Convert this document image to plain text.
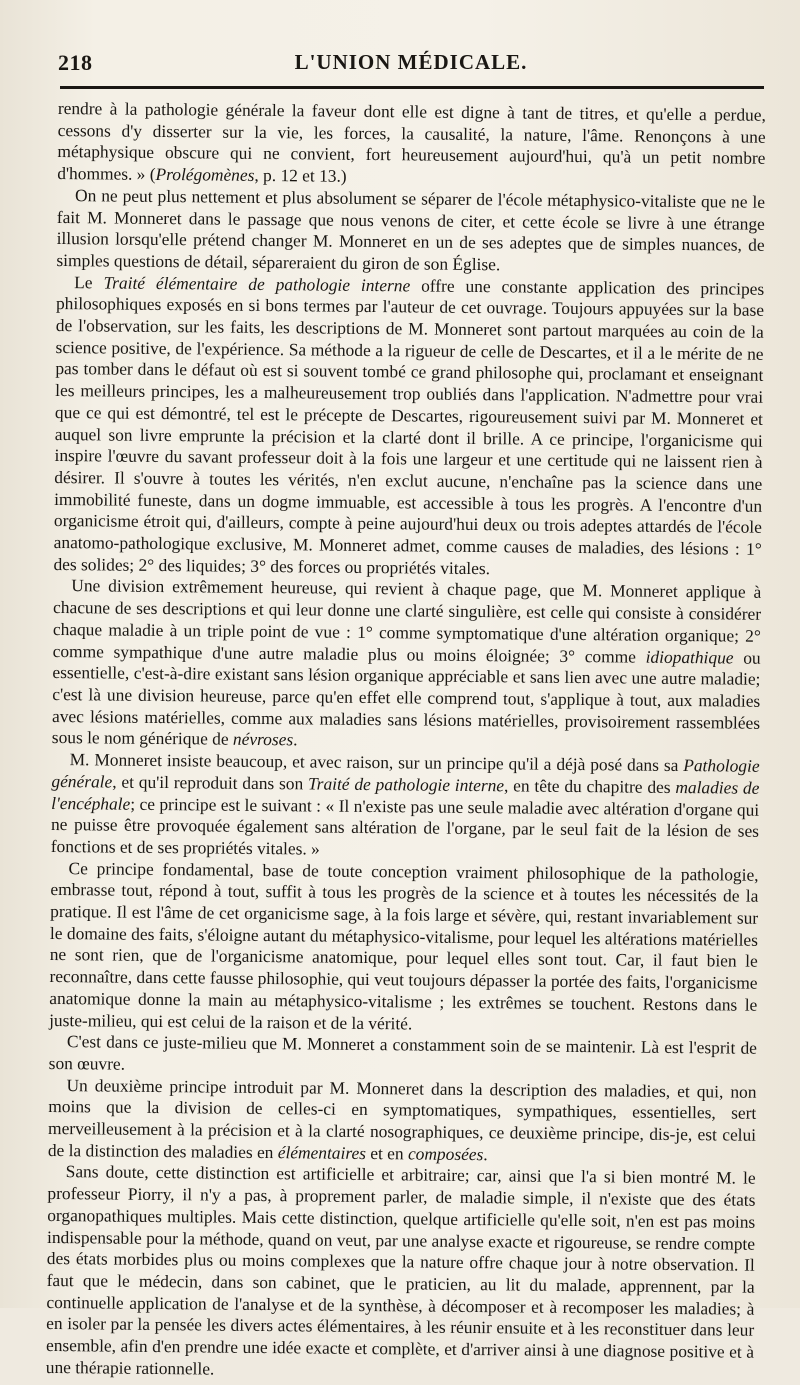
218	L'UNION MÉDICALE.

rendre à la pathologie générale la faveur dont elle est digne à tant de titres, et qu'elle a perdue, cessons d'y disserter sur la vie, les forces, la causalité, la nature, l'âme. Renonçons à une métaphysique obscure qui ne convient, fort heureusement aujourd'hui, qu'à un petit nombre d'hommes. » (Prolégomènes, p. 12 et 13.)

On ne peut plus nettement et plus absolument se séparer de l'école métaphysico-vitaliste que ne le fait M. Monneret dans le passage que nous venons de citer, et cette école se livre à une étrange illusion lorsqu'elle prétend changer M. Monneret en un de ses adeptes que de simples nuances, de simples questions de détail, sépareraient du giron de son Église.

Le Traité élémentaire de pathologie interne offre une constante application des principes philosophiques exposés en si bons termes par l'auteur de cet ouvrage. Toujours appuyées sur la base de l'observation, sur les faits, les descriptions de M. Monneret sont partout marquées au coin de la science positive, de l'expérience. Sa méthode a la rigueur de celle de Descartes, et il a le mérite de ne pas tomber dans le défaut où est si souvent tombé ce grand philosophe qui, proclamant et enseignant les meilleurs principes, les a malheureusement trop oubliés dans l'application. N'admettre pour vrai que ce qui est démontré, tel est le précepte de Descartes, rigoureusement suivi par M. Monneret et auquel son livre emprunte la précision et la clarté dont il brille. A ce principe, l'organicisme qui inspire l'œuvre du savant professeur doit à la fois une largeur et une certitude qui ne laissent rien à désirer. Il s'ouvre à toutes les vérités, n'en exclut aucune, n'enchaîne pas la science dans une immobilité funeste, dans un dogme immuable, est accessible à tous les progrès. A l'encontre d'un organicisme étroit qui, d'ailleurs, compte à peine aujourd'hui deux ou trois adeptes attardés de l'école anatomo-pathologique exclusive, M. Monneret admet, comme causes de maladies, des lésions : 1° des solides; 2° des liquides; 3° des forces ou propriétés vitales.

Une division extrêmement heureuse, qui revient à chaque page, que M. Monneret applique à chacune de ses descriptions et qui leur donne une clarté singulière, est celle qui consiste à considérer chaque maladie à un triple point de vue : 1° comme symptomatique d'une altération organique; 2° comme sympathique d'une autre maladie plus ou moins éloignée; 3° comme idiopathique ou essentielle, c'est-à-dire existant sans lésion organique appréciable et sans lien avec une autre maladie; c'est là une division heureuse, parce qu'en effet elle comprend tout, s'applique à tout, aux maladies avec lésions matérielles, comme aux maladies sans lésions matérielles, provisoirement rassemblées sous le nom générique de névroses.

M. Monneret insiste beaucoup, et avec raison, sur un principe qu'il a déjà posé dans sa Pathologie générale, et qu'il reproduit dans son Traité de pathologie interne, en tête du chapitre des maladies de l'encéphale; ce principe est le suivant : « Il n'existe pas une seule maladie avec altération d'organe qui ne puisse être provoquée également sans altération de l'organe, par le seul fait de la lésion de ses fonctions et de ses propriétés vitales. »

Ce principe fondamental, base de toute conception vraiment philosophique de la pathologie, embrasse tout, répond à tout, suffit à tous les progrès de la science et à toutes les nécessités de la pratique. Il est l'âme de cet organicisme sage, à la fois large et sévère, qui, restant invariablement sur le domaine des faits, s'éloigne autant du métaphysico-vitalisme, pour lequel les altérations matérielles ne sont rien, que de l'organicisme anatomique, pour lequel elles sont tout. Car, il faut bien le reconnaître, dans cette fausse philosophie, qui veut toujours dépasser la portée des faits, l'organicisme anatomique donne la main au métaphysico-vitalisme ; les extrêmes se touchent. Restons dans le juste-milieu, qui est celui de la raison et de la vérité.

C'est dans ce juste-milieu que M. Monneret a constamment soin de se maintenir. Là est l'esprit de son œuvre.

Un deuxième principe introduit par M. Monneret dans la description des maladies, et qui, non moins que la division de celles-ci en symptomatiques, sympathiques, essentielles, sert merveilleusement à la précision et à la clarté nosographiques, ce deuxième principe, dis-je, est celui de la distinction des maladies en élémentaires et en composées.

Sans doute, cette distinction est artificielle et arbitraire; car, ainsi que l'a si bien montré M. le professeur Piorry, il n'y a pas, à proprement parler, de maladie simple, il n'existe que des états organopathiques multiples. Mais cette distinction, quelque artificielle qu'elle soit, n'en est pas moins indispensable pour la méthode, quand on veut, par une analyse exacte et rigoureuse, se rendre compte des états morbides plus ou moins complexes que la nature offre chaque jour à notre observation. Il faut que le médecin, dans son cabinet, que le praticien, au lit du malade, apprennent, par la continuelle application de l'analyse et de la synthèse, à décomposer et à recomposer les maladies; à en isoler par la pensée les divers actes élémentaires, à les réunir ensuite et à les reconstituer dans leur ensemble, afin d'en prendre une idée exacte et complète, et d'arriver ainsi à une diagnose positive et à une thérapie rationnelle.
